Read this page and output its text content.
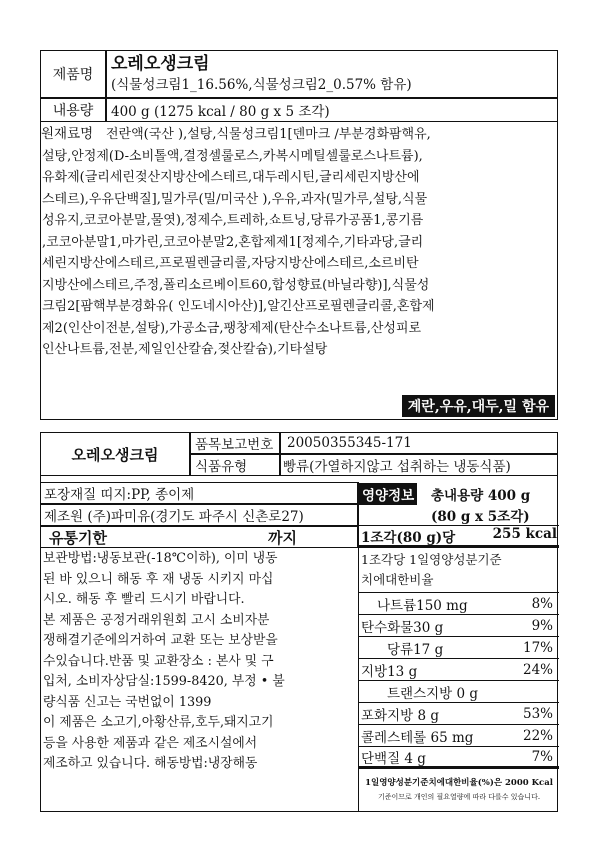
제품명
오레오생크림
(식물성크림1_16.56%,식물성크림2_0.57% 함유)
내용량	400 g (1275 kcal / 80 g x 5 조각)
원재료명 전란액(국산 ),설탕,식물성크림1[덴마크 /부분경화팜핵유,
설탕,안정제(D-소비톨액,결정셀룰로스,카복시메틸셀룰로스나트륨),
유화제(글리세린젖산지방산에스테르,대두레시틴,글리세린지방산에
스테르),우유단백질],밀가루(밀/미국산 ),우유,과자(밀가루,설탕,식물
성유지,코코아분말,물엿),정제수,트레하,쇼트닝,당류가공품1,콩기름
,코코아분말1,마가린,코코아분말2,혼합제제1[정제수,기타과당,글리
세린지방산에스테르,프로필렌글리콜,자당지방산에스테르,소르비탄
지방산에스테르,주정,폴리소르베이트60,합성향료(바닐라향)],식물성
크림2[팜핵부분경화유( 인도네시아산)],알긴산프로필렌글리콜,혼합제
제2(인산이전분,설탕),가공소금,팽창제제(탄산수소나트륨,산성피로
인산나트륨,전분,제일인산칼슘,젖산칼슘),기타설탕
계란,우유,대두,밀 함유
오레오생크림
품목보고번호	20050355345-171
식품유형	빵류(가열하지않고 섭취하는 냉동식품)
포장재질 띠지:PP, 종이제
제조원 (주)파미유(경기도 파주시 신촌로27)
유통기한	까지
보관방법:냉동보관(-18℃이하), 이미 냉동
된 바 있으니 해동 후 재 냉동 시키지 마십
시오. 해동 후 빨리 드시기 바랍니다.
본 제품은 공정거래위원회 고시 소비자분
쟁해결기준에의거하여 교환 또는 보상받을
수있습니다.반품 및 교환장소 : 본사 및 구
입처, 소비자상담실:1599-8420, 부정 • 불
량식품 신고는 국번없이 1399
이 제품은 소고기,아황산류,호두,돼지고기
등을 사용한 제품과 같은 제조시설에서
제조하고 있습니다. 해동방법:냉장해동
영양정보 총내용량 400 g
(80 g x 5조각)
1조각(80 g)당	255 kcal
1조각당 1일영양성분기준
치에대한비율
나트륨150 mg	8%
탄수화물30 g	9%
당류17 g	17%
지방13 g	24%
트랜스지방 0 g
포화지방 8 g	53%
콜레스테롤 65 mg	22%
단백질 4 g	7%
1일영양성분기준치에대한비율(%)은 2000 Kcal
기준이므로 개인의 필요열량에 따라 다를수 있습니다.
